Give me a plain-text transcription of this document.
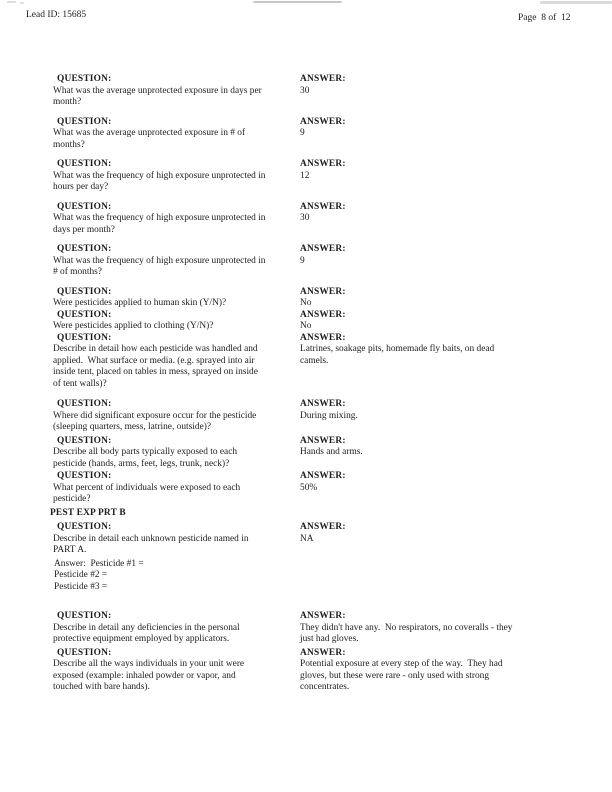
Lead ID: 15685	Page  8 of  12
QUESTION:
What was the average unprotected exposure in days per
month?
ANSWER:
30
QUESTION:
What was the average unprotected exposure in # of
months?
ANSWER:
9
QUESTION:
What was the frequency of high exposure unprotected in
hours per day?
ANSWER:
12
QUESTION:
What was the frequency of high exposure unprotected in
days per month?
ANSWER:
30
QUESTION:
What was the frequency of high exposure unprotected in
# of months?
ANSWER:
9
QUESTION:
Were pesticides applied to human skin (Y/N)?
ANSWER:
No
QUESTION:
Were pesticides applied to clothing (Y/N)?
ANSWER:
No
QUESTION:
Describe in detail how each pesticide was handled and
applied.  What surface or media. (e.g. sprayed into air
inside tent, placed on tables in mess, sprayed on inside
of tent walls)?
ANSWER:
Latrines, soakage pits, homemade fly baits, on dead
camels.
QUESTION:
Where did significant exposure occur for the pesticide
(sleeping quarters, mess, latrine, outside)?
ANSWER:
During mixing.
QUESTION:
Describe all body parts typically exposed to each
pesticide (hands, arms, feet, legs, trunk, neck)?
ANSWER:
Hands and arms.
QUESTION:
What percent of individuals were exposed to each
pesticide?
ANSWER:
50%
PEST EXP PRT B
QUESTION:
Describe in detail each unknown pesticide named in
PART A.
Answer:  Pesticide #1 =
Pesticide #2 =
Pesticide #3 =
ANSWER:
NA
QUESTION:
Describe in detail any deficiencies in the personal
protective equipment employed by applicators.
ANSWER:
They didn't have any.  No respirators, no coveralls - they
just had gloves.
QUESTION:
Describe all the ways individuals in your unit were
exposed (example: inhaled powder or vapor, and
touched with bare hands).
ANSWER:
Potential exposure at every step of the way.  They had
gloves, but these were rare - only used with strong
concentrates.
